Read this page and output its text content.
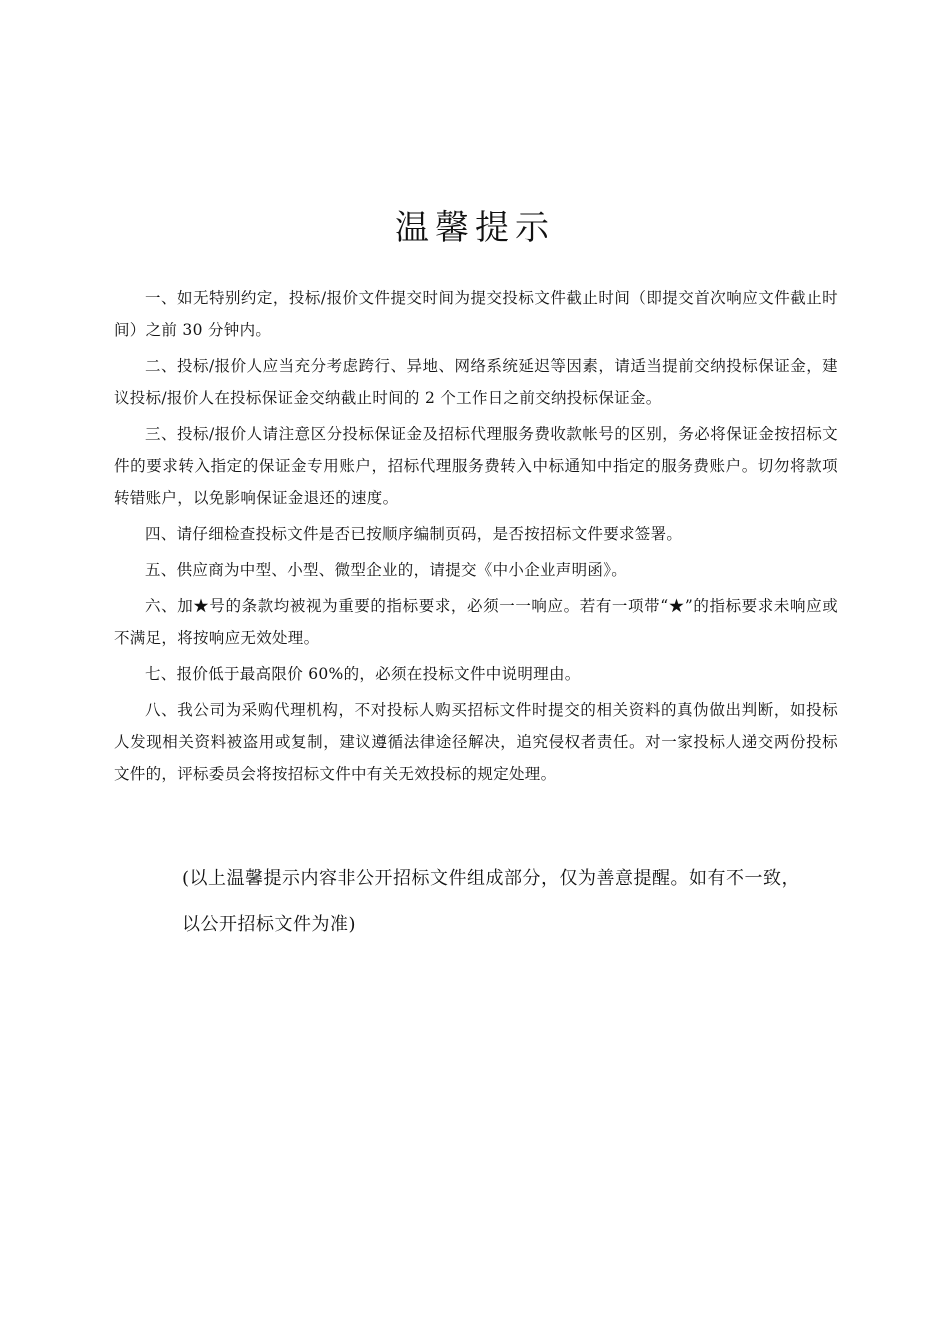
温馨提示

一、如无特别约定，投标/报价文件提交时间为提交投标文件截止时间（即提交首次响应文件截止时间）之前 30 分钟内。

二、投标/报价人应当充分考虑跨行、异地、网络系统延迟等因素，请适当提前交纳投标保证金，建议投标/报价人在投标保证金交纳截止时间的 2 个工作日之前交纳投标保证金。

三、投标/报价人请注意区分投标保证金及招标代理服务费收款帐号的区别，务必将保证金按招标文件的要求转入指定的保证金专用账户，招标代理服务费转入中标通知中指定的服务费账户。切勿将款项转错账户，以免影响保证金退还的速度。

四、请仔细检查投标文件是否已按顺序编制页码，是否按招标文件要求签署。

五、供应商为中型、小型、微型企业的，请提交《中小企业声明函》。

六、加★号的条款均被视为重要的指标要求，必须一一响应。若有一项带“★”的指标要求未响应或不满足，将按响应无效处理。

七、报价低于最高限价 60%的，必须在投标文件中说明理由。

八、我公司为采购代理机构，不对投标人购买招标文件时提交的相关资料的真伪做出判断，如投标人发现相关资料被盗用或复制，建议遵循法律途径解决，追究侵权者责任。对一家投标人递交两份投标文件的，评标委员会将按招标文件中有关无效投标的规定处理。

(以上温馨提示内容非公开招标文件组成部分，仅为善意提醒。如有不一致，以公开招标文件为准)
